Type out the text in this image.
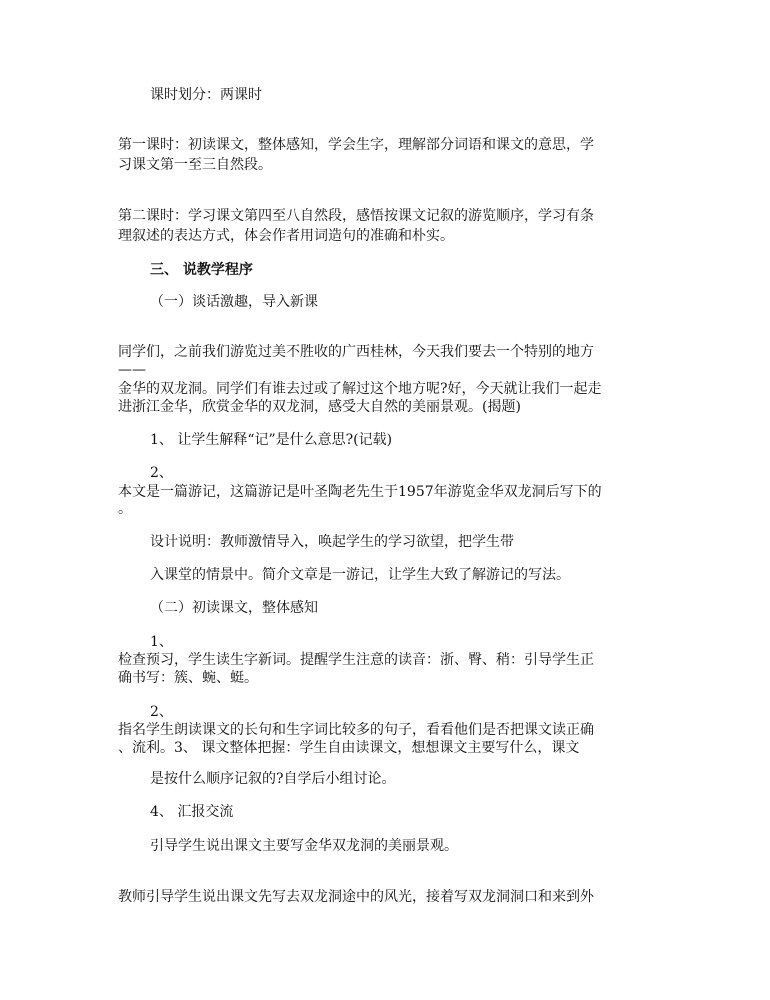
课时划分：两课时

第一课时：初读课文，整体感知，学会生字，理解部分词语和课文的意思，学

习课文第一至三自然段。

第二课时：学习课文第四至八自然段，感悟按课文记叙的游览顺序，学习有条

理叙述的表达方式，体会作者用词造句的准确和朴实。

三、 说教学程序

（一）谈话激趣，导入新课

同学们，之前我们游览过美不胜收的广西桂林，今天我们要去一个特别的地方

——

金华的双龙洞。同学们有谁去过或了解过这个地方呢?好，今天就让我们一起走

进浙江金华，欣赏金华的双龙洞，感受大自然的美丽景观。(揭题)

1、 让学生解释“记”是什么意思?(记载)

2、

本文是一篇游记，这篇游记是叶圣陶老先生于1957年游览金华双龙洞后写下的

。

设计说明：教师激情导入，唤起学生的学习欲望，把学生带

入课堂的情景中。简介文章是一游记，让学生大致了解游记的写法。

（二）初读课文，整体感知

1、

检查预习，学生读生字新词。提醒学生注意的读音：浙、臀、稍：引导学生正

确书写：簇、蜿、蜓。

2、

指名学生朗读课文的长句和生字词比较多的句子，看看他们是否把课文读正确

、流利。3、 课文整体把握：学生自由读课文，想想课文主要写什么，课文

是按什么顺序记叙的?自学后小组讨论。

4、 汇报交流

引导学生说出课文主要写金华双龙洞的美丽景观。

教师引导学生说出课文先写去双龙洞途中的风光，接着写双龙洞洞口和来到外
